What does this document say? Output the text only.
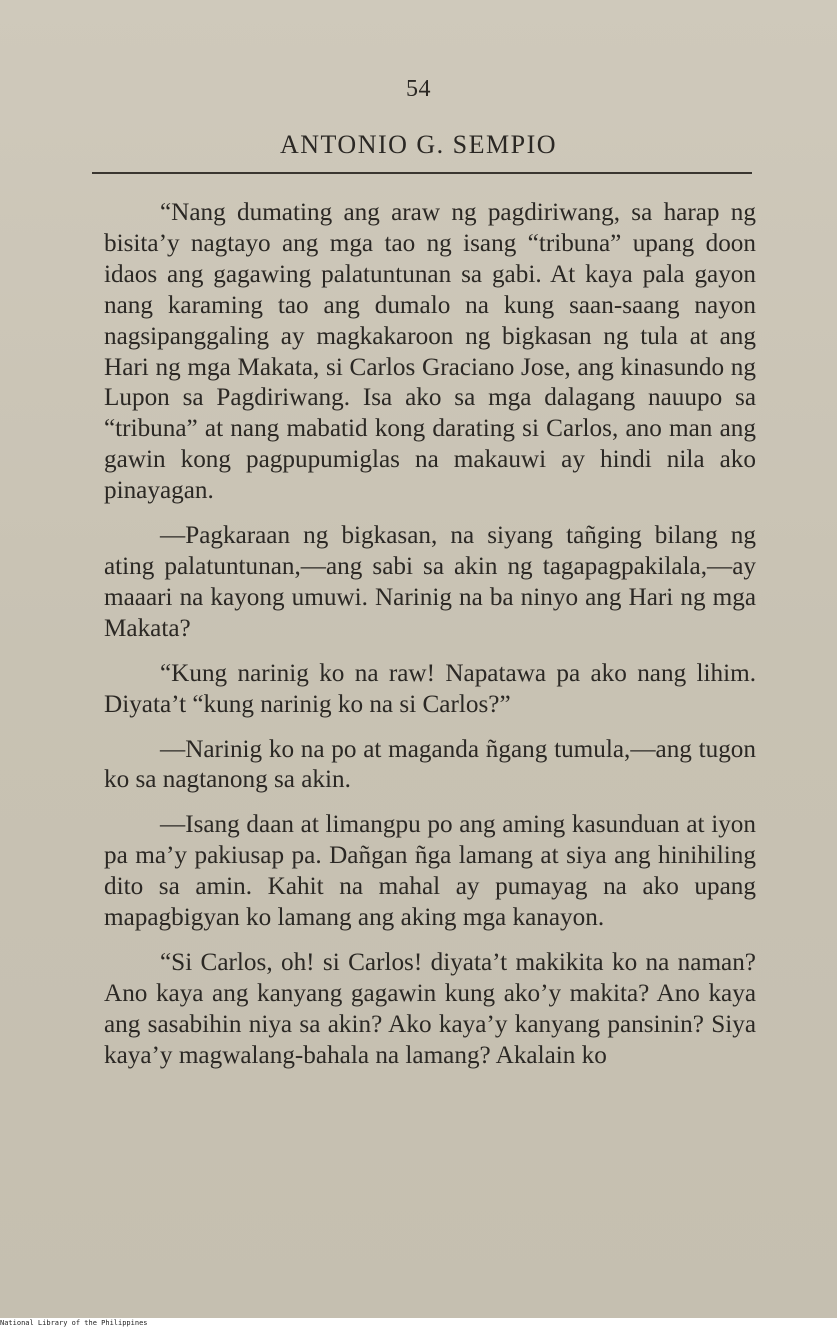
54
ANTONIO G. SEMPIO

“Nang dumating ang araw ng pagdiriwang, sa harap ng bisita’y nagtayo ang mga tao ng isang “tribuna” upang doon idaos ang gagawing palatuntunan sa gabi. At kaya pala gayon nang karaming tao ang dumalo na kung saan-saang nayon nagsipanggaling ay magkakaroon ng bigkasan ng tula at ang Hari ng mga Makata, si Carlos Graciano Jose, ang kinasundo ng Lupon sa Pagdiriwang. Isa ako sa mga dalagang nauupo sa “tribuna” at nang mabatid kong darating si Carlos, ano man ang gawin kong pagpupumiglas na makauwi ay hindi nila ako pinayagan.

—Pagkaraan ng bigkasan, na siyang tañging bilang ng ating palatuntunan,—ang sabi sa akin ng tagapagpakilala,—ay maaari na kayong umuwi. Narinig na ba ninyo ang Hari ng mga Makata?

“Kung narinig ko na raw! Napatawa pa ako nang lihim. Diyata’t “kung narinig ko na si Carlos?”

—Narinig ko na po at maganda ñgang tumula,—ang tugon ko sa nagtanong sa akin.

—Isang daan at limangpu po ang aming kasunduan at iyon pa ma’y pakiusap pa. Dañgan ñga lamang at siya ang hinihiling dito sa amin. Kahit na mahal ay pumayag na ako upang mapagbigyan ko lamang ang aking mga kanayon.

“Si Carlos, oh! si Carlos! diyata’t makikita ko na naman? Ano kaya ang kanyang gagawin kung ako’y makita? Ano kaya ang sasabihin niya sa akin? Ako kaya’y kanyang pansinin? Siya kaya’y magwalang-bahala na lamang? Akalain ko

National Library of the Philippines
